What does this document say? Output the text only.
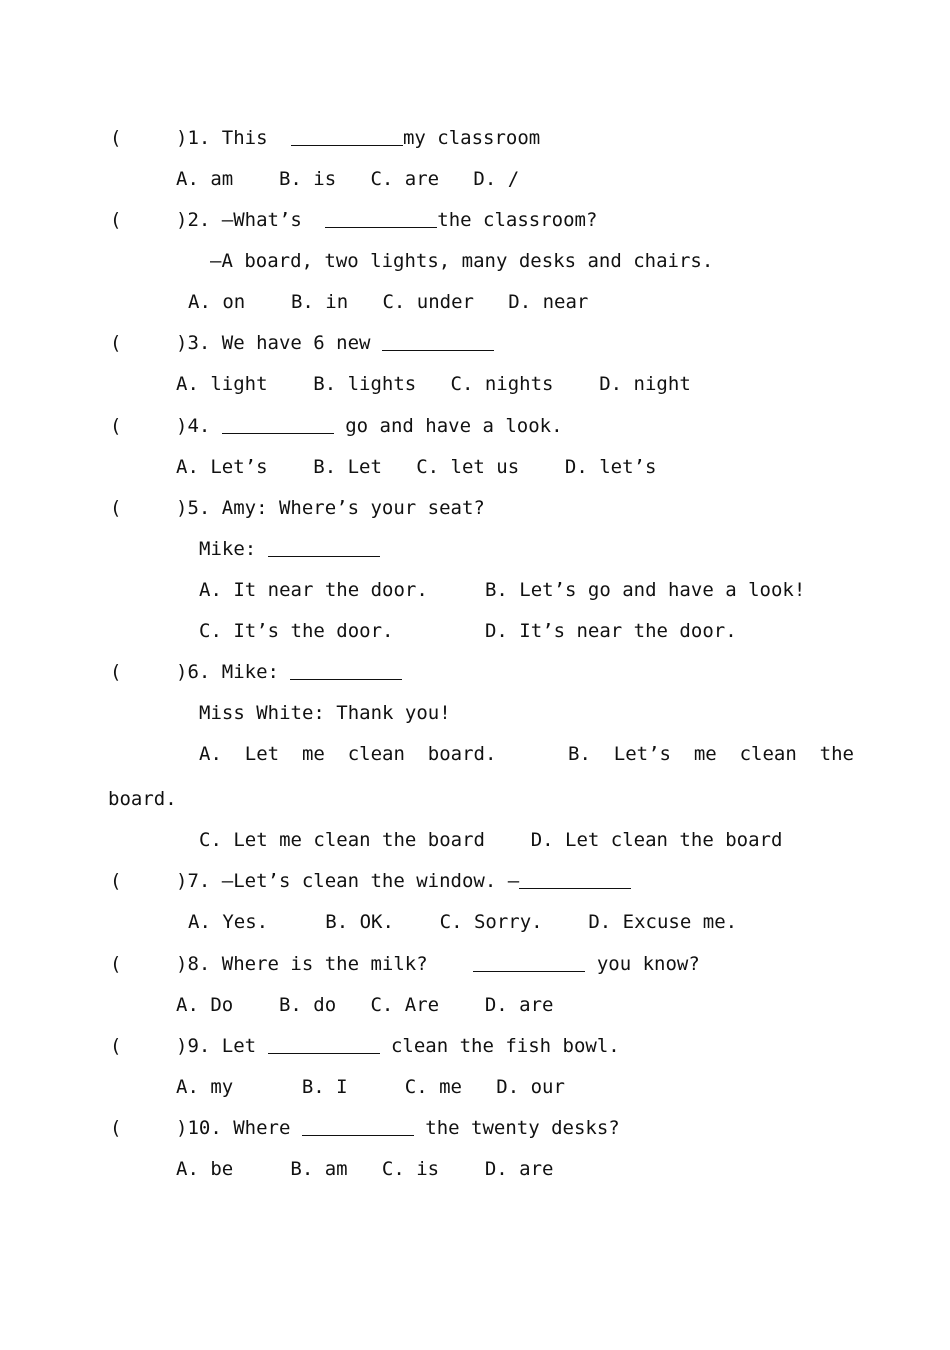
(	)1. This	my classroom
A. am    B. is   C. are   D. /
(	)2. —What’s	the classroom?
—A board, two lights, many desks and chairs.
A. on    B. in   C. under   D. near
(	)3. We have 6 new
A. light    B. lights   C. nights    D. night
(	)4.	go and have a look.
A. Let’s    B. Let   C. let us    D. let’s
(	)5. Amy: Where’s your seat?
Mike:
A. It near the door.     B. Let’s go and have a look!
C. It’s the door.        D. It’s near the door.
(	)6. Mike:
Miss White: Thank you!
A.  Let  me  clean  board.	B.  Let’s  me  clean  the
board.
C. Let me clean the board    D. Let clean the board
(	)7. —Let’s clean the window. —
A. Yes.     B. OK.    C. Sorry.    D. Excuse me.
(	)8. Where is the milk?	you know?
A. Do    B. do   C. Are    D. are
(	)9. Let	clean the fish bowl.
A. my      B. I     C. me   D. our
(	)10. Where	the twenty desks?
A. be     B. am   C. is    D. are
